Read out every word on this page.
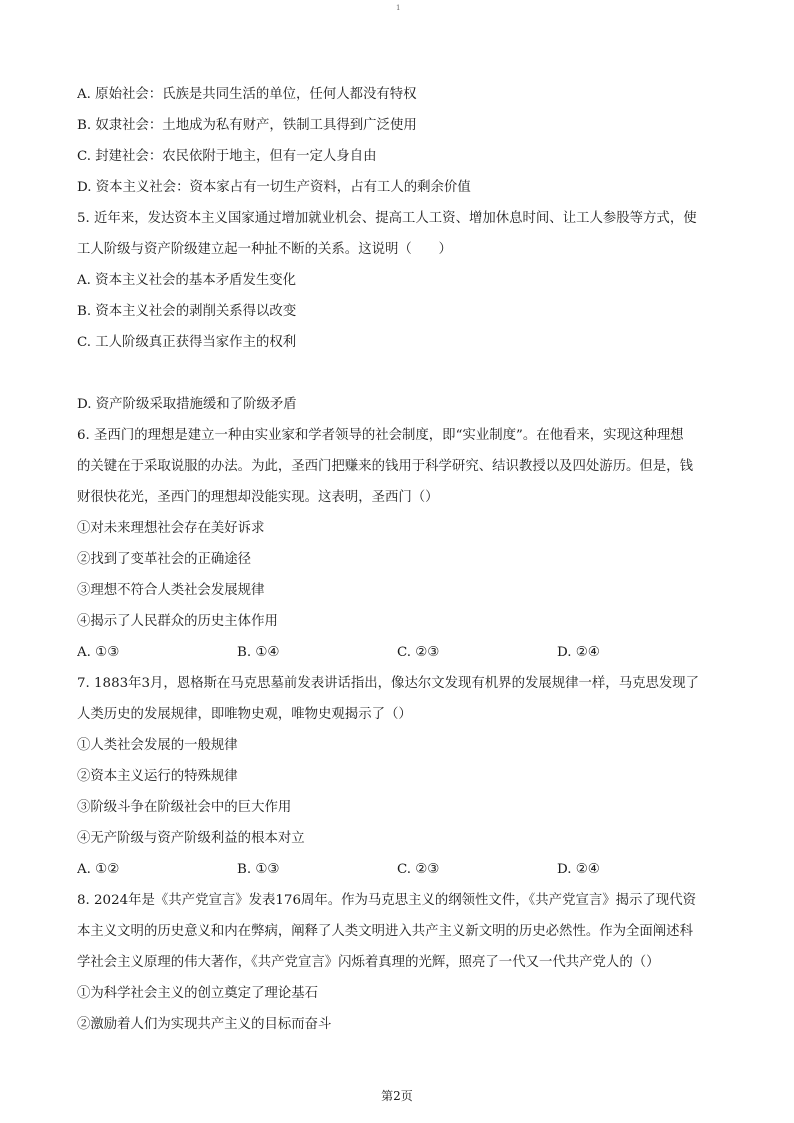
1
A. 原始社会：氏族是共同生活的单位，任何人都没有特权
B. 奴隶社会：土地成为私有财产，铁制工具得到广泛使用
C. 封建社会：农民依附于地主，但有一定人身自由
D. 资本主义社会：资本家占有一切生产资料，占有工人的剩余价值
5. 近年来，发达资本主义国家通过增加就业机会、提高工人工资、增加休息时间、让工人参股等方式，使
工人阶级与资产阶级建立起一种扯不断的关系。这说明（　　）
A. 资本主义社会的基本矛盾发生变化
B. 资本主义社会的剥削关系得以改变
C. 工人阶级真正获得当家作主的权利
D. 资产阶级采取措施缓和了阶级矛盾
6. 圣西门的理想是建立一种由实业家和学者领导的社会制度，即“实业制度”。在他看来，实现这种理想
的关键在于采取说服的办法。为此，圣西门把赚来的钱用于科学研究、结识教授以及四处游历。但是，钱
财很快花光，圣西门的理想却没能实现。这表明，圣西门（）
①对未来理想社会存在美好诉求
②找到了变革社会的正确途径
③理想不符合人类社会发展规律
④揭示了人民群众的历史主体作用
A. ①③	B. ①④	C. ②③	D. ②④
7. 1883年3月，恩格斯在马克思墓前发表讲话指出，像达尔文发现有机界的发展规律一样，马克思发现了
人类历史的发展规律，即唯物史观，唯物史观揭示了（）
①人类社会发展的一般规律
②资本主义运行的特殊规律
③阶级斗争在阶级社会中的巨大作用
④无产阶级与资产阶级利益的根本对立
A. ①②	B. ①③	C. ②③	D. ②④
8. 2024年是《共产党宣言》发表176周年。作为马克思主义的纲领性文件，《共产党宣言》揭示了现代资
本主义文明的历史意义和内在弊病，阐释了人类文明进入共产主义新文明的历史必然性。作为全面阐述科
学社会主义原理的伟大著作，《共产党宣言》闪烁着真理的光辉，照亮了一代又一代共产党人的（）
①为科学社会主义的创立奠定了理论基石
②激励着人们为实现共产主义的目标而奋斗
第2页
